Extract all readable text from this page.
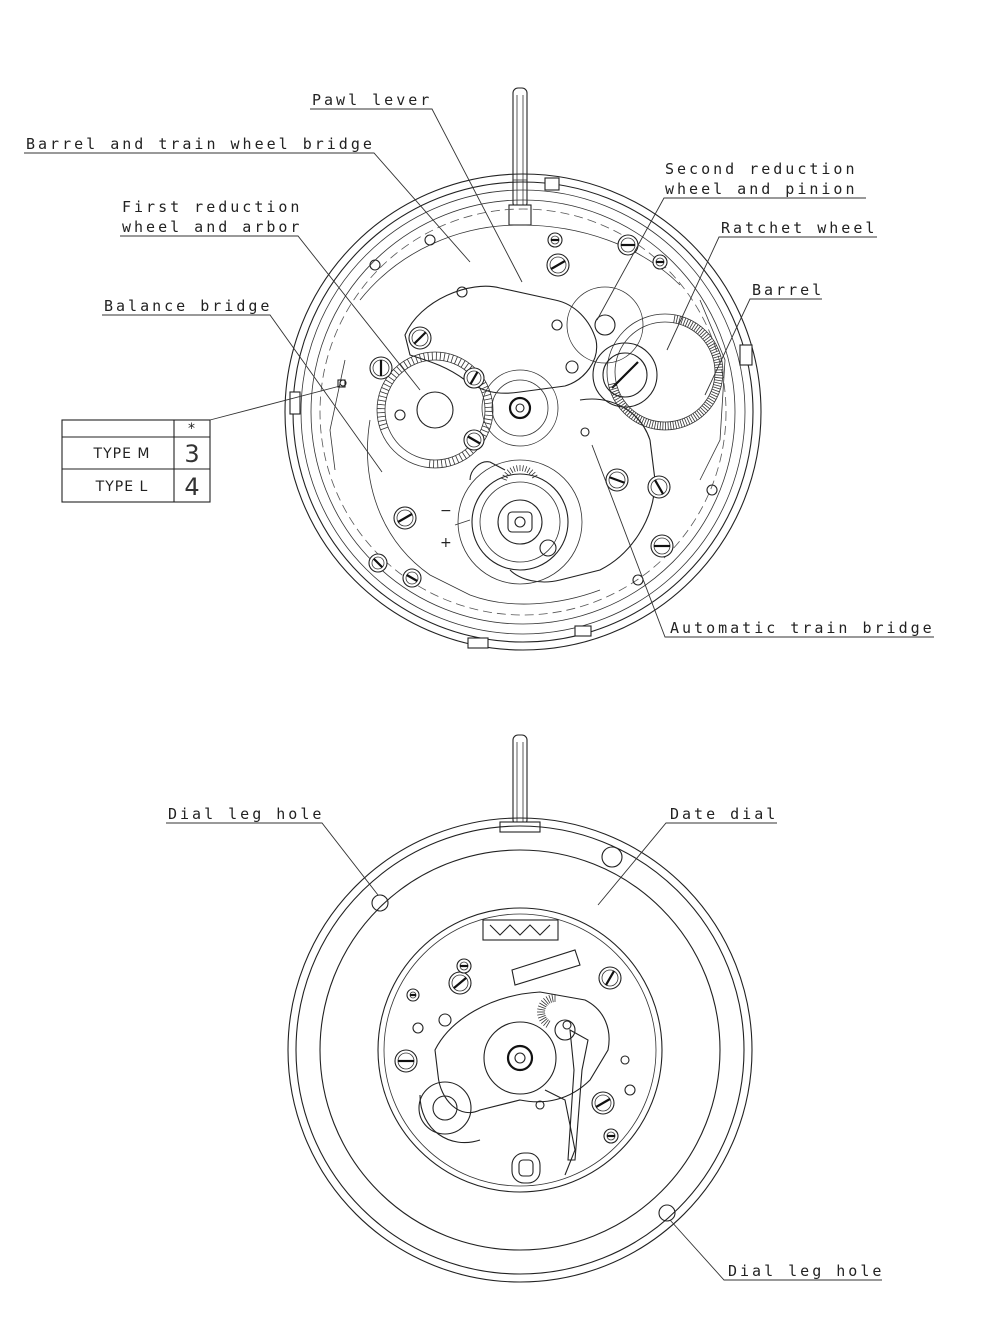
−
+
*
TYPE M 3
TYPE L 4
Pawl lever
Barrel and train wheel bridge
Second reduction
wheel and pinion
First reduction
wheel and arbor	Ratchet wheel
Barrel
Balance bridge
Automatic train bridge
Dial leg hole	Date dial
Dial leg hole
